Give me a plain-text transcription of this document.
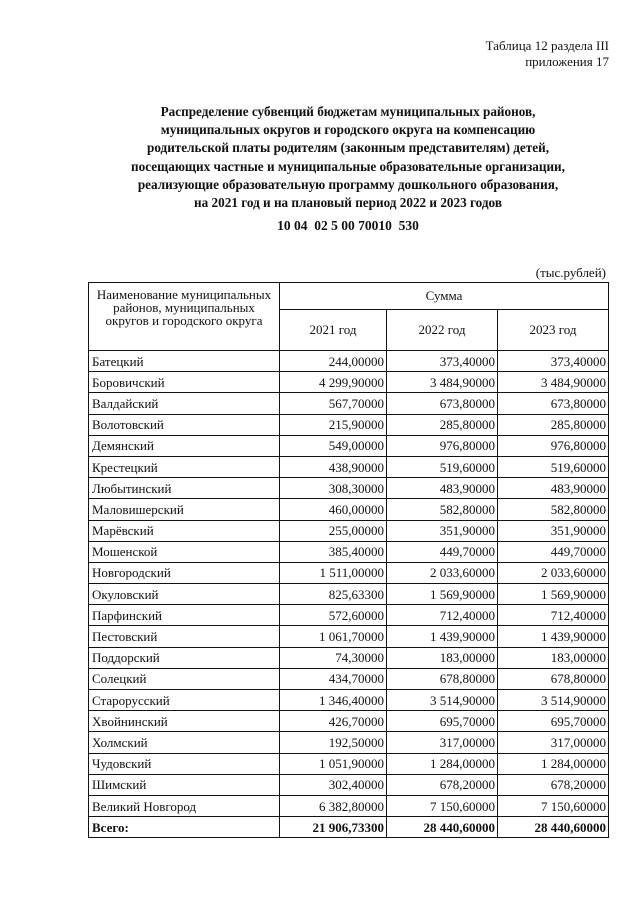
Таблица 12 раздела III
приложения 17
Распределение субвенций бюджетам муниципальных районов,
муниципальных округов и городского округа на компенсацию
родительской платы родителям (законным представителям) детей,
посещающих частные и муниципальные образовательные организации,
реализующие образовательную программу дошкольного образования,
на 2021 год и на плановый период 2022 и 2023 годов
10 04  02 5 00 70010  530
(тыс.рублей)
Наименование муниципальных районов, муниципальных округов и городского округа	Сумма		
	2021 год	2022 год	2023 год
Батецкий	244,00000	373,40000	373,40000
Боровичский	4 299,90000	3 484,90000	3 484,90000
Валдайский	567,70000	673,80000	673,80000
Волотовский	215,90000	285,80000	285,80000
Демянский	549,00000	976,80000	976,80000
Крестецкий	438,90000	519,60000	519,60000
Любытинский	308,30000	483,90000	483,90000
Маловишерский	460,00000	582,80000	582,80000
Марёвский	255,00000	351,90000	351,90000
Мошенской	385,40000	449,70000	449,70000
Новгородский	1 511,00000	2 033,60000	2 033,60000
Окуловский	825,63300	1 569,90000	1 569,90000
Парфинский	572,60000	712,40000	712,40000
Пестовский	1 061,70000	1 439,90000	1 439,90000
Поддорский	74,30000	183,00000	183,00000
Солецкий	434,70000	678,80000	678,80000
Старорусский	1 346,40000	3 514,90000	3 514,90000
Хвойнинский	426,70000	695,70000	695,70000
Холмский	192,50000	317,00000	317,00000
Чудовский	1 051,90000	1 284,00000	1 284,00000
Шимский	302,40000	678,20000	678,20000
Великий Новгород	6 382,80000	7 150,60000	7 150,60000
Всего:	21 906,73300	28 440,60000	28 440,60000
